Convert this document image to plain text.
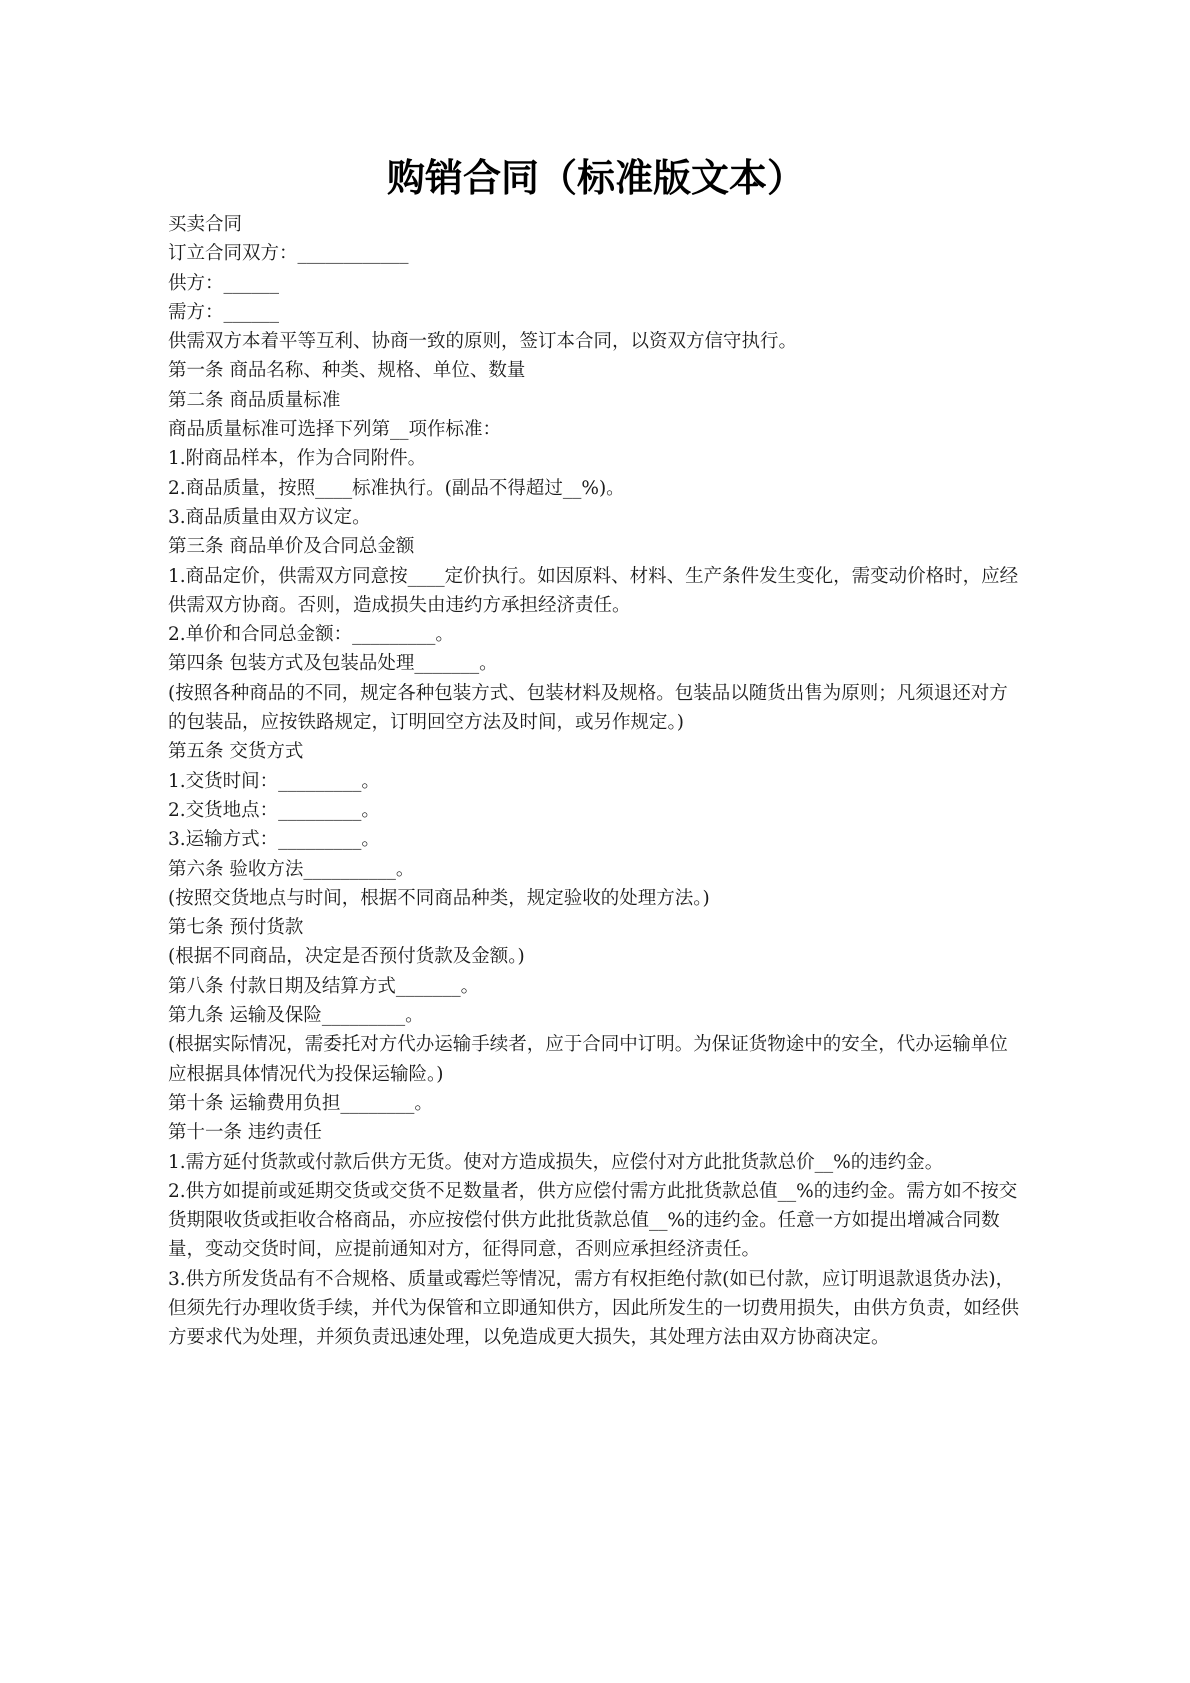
购销合同（标准版文本）

买卖合同

订立合同双方：____________

供方：______

需方：______

供需双方本着平等互利、协商一致的原则，签订本合同，以资双方信守执行。

第一条 商品名称、种类、规格、单位、数量

第二条 商品质量标准

商品质量标准可选择下列第__项作标准：

1.附商品样本，作为合同附件。

2.商品质量，按照____标准执行。(副品不得超过__%)。

3.商品质量由双方议定。

第三条 商品单价及合同总金额

1.商品定价，供需双方同意按____定价执行。如因原料、材料、生产条件发生变化，需变动价格时，应经供需双方协商。否则，造成损失由违约方承担经济责任。

2.单价和合同总金额：_________。

第四条 包装方式及包装品处理_______。

(按照各种商品的不同，规定各种包装方式、包装材料及规格。包装品以随货出售为原则；凡须退还对方的包装品，应按铁路规定，订明回空方法及时间，或另作规定。)

第五条 交货方式

1.交货时间：_________。

2.交货地点：_________。

3.运输方式：_________。

第六条 验收方法__________。

(按照交货地点与时间，根据不同商品种类，规定验收的处理方法。)

第七条 预付货款

(根据不同商品，决定是否预付货款及金额。)

第八条 付款日期及结算方式_______。

第九条 运输及保险_________。

(根据实际情况，需委托对方代办运输手续者，应于合同中订明。为保证货物途中的安全，代办运输单位应根据具体情况代为投保运输险。)

第十条 运输费用负担________。

第十一条 违约责任

1.需方延付货款或付款后供方无货。使对方造成损失，应偿付对方此批货款总价__%的违约金。

2.供方如提前或延期交货或交货不足数量者，供方应偿付需方此批货款总值__%的违约金。需方如不按交货期限收货或拒收合格商品，亦应按偿付供方此批货款总值__%的违约金。任意一方如提出增减合同数量，变动交货时间，应提前通知对方，征得同意，否则应承担经济责任。

3.供方所发货品有不合规格、质量或霉烂等情况，需方有权拒绝付款(如已付款，应订明退款退货办法)，但须先行办理收货手续，并代为保管和立即通知供方，因此所发生的一切费用损失，由供方负责，如经供方要求代为处理，并须负责迅速处理，以免造成更大损失，其处理方法由双方协商决定。
